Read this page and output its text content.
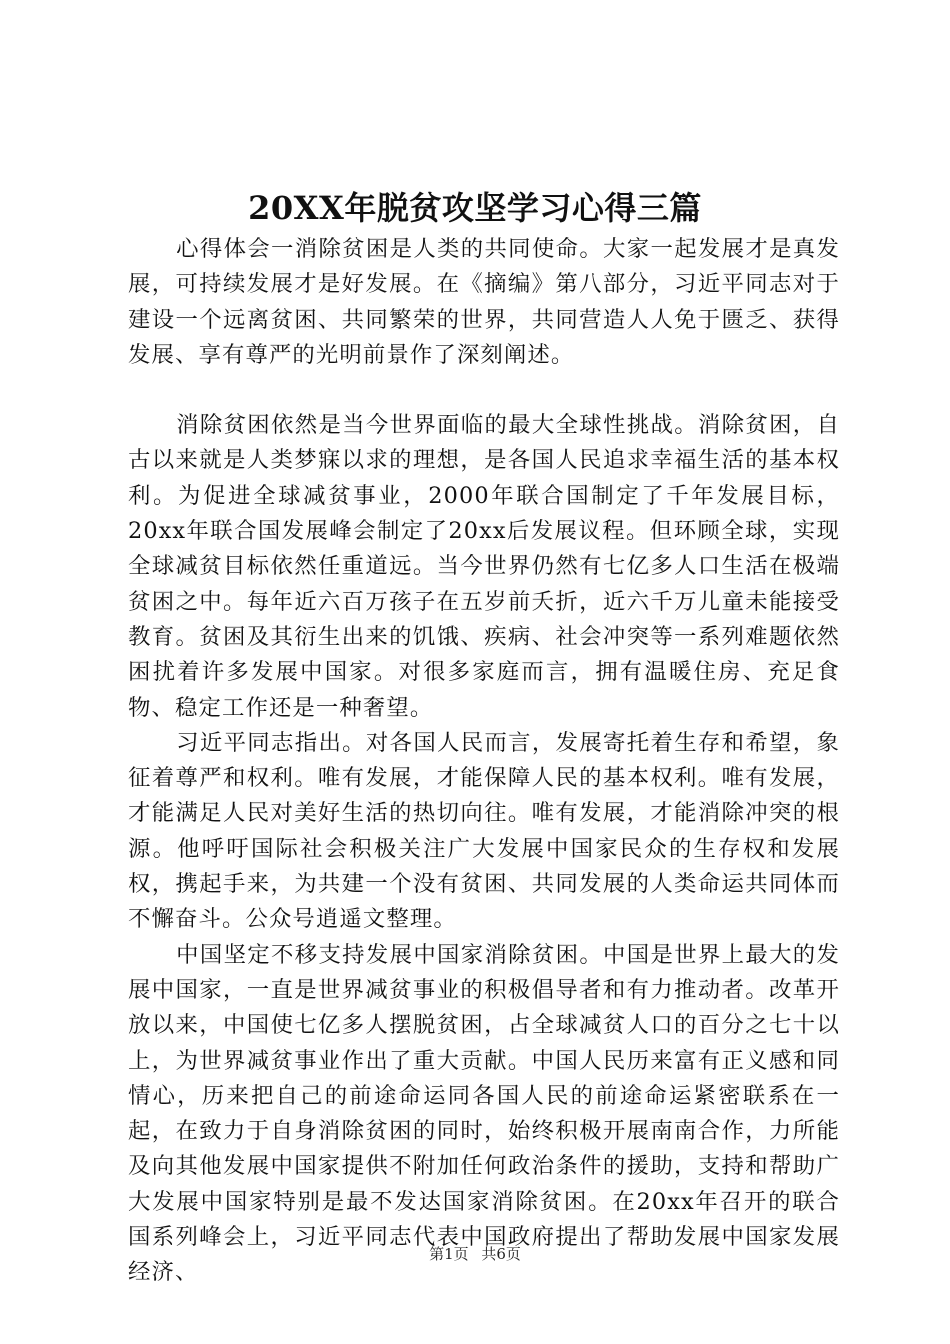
20XX年脱贫攻坚学习心得三篇

心得体会一消除贫困是人类的共同使命。大家一起发展才是真发展，可持续发展才是好发展。在《摘编》第八部分，习近平同志对于建设一个远离贫困、共同繁荣的世界，共同营造人人免于匮乏、获得发展、享有尊严的光明前景作了深刻阐述。

消除贫困依然是当今世界面临的最大全球性挑战。消除贫困，自古以来就是人类梦寐以求的理想，是各国人民追求幸福生活的基本权利。为促进全球减贫事业，2000年联合国制定了千年发展目标，20xx年联合国发展峰会制定了20xx后发展议程。但环顾全球，实现全球减贫目标依然任重道远。当今世界仍然有七亿多人口生活在极端贫困之中。每年近六百万孩子在五岁前夭折，近六千万儿童未能接受教育。贫困及其衍生出来的饥饿、疾病、社会冲突等一系列难题依然困扰着许多发展中国家。对很多家庭而言，拥有温暖住房、充足食物、稳定工作还是一种奢望。

习近平同志指出。对各国人民而言，发展寄托着生存和希望，象征着尊严和权利。唯有发展，才能保障人民的基本权利。唯有发展，才能满足人民对美好生活的热切向往。唯有发展，才能消除冲突的根源。他呼吁国际社会积极关注广大发展中国家民众的生存权和发展权，携起手来，为共建一个没有贫困、共同发展的人类命运共同体而不懈奋斗。公众号逍遥文整理。

中国坚定不移支持发展中国家消除贫困。中国是世界上最大的发展中国家，一直是世界减贫事业的积极倡导者和有力推动者。改革开放以来，中国使七亿多人摆脱贫困，占全球减贫人口的百分之七十以上，为世界减贫事业作出了重大贡献。中国人民历来富有正义感和同情心，历来把自己的前途命运同各国人民的前途命运紧密联系在一起，在致力于自身消除贫困的同时，始终积极开展南南合作，力所能及向其他发展中国家提供不附加任何政治条件的援助，支持和帮助广大发展中国家特别是最不发达国家消除贫困。在20xx年召开的联合国系列峰会上，习近平同志代表中国政府提出了帮助发展中国家发展经济、

第1页 共6页
